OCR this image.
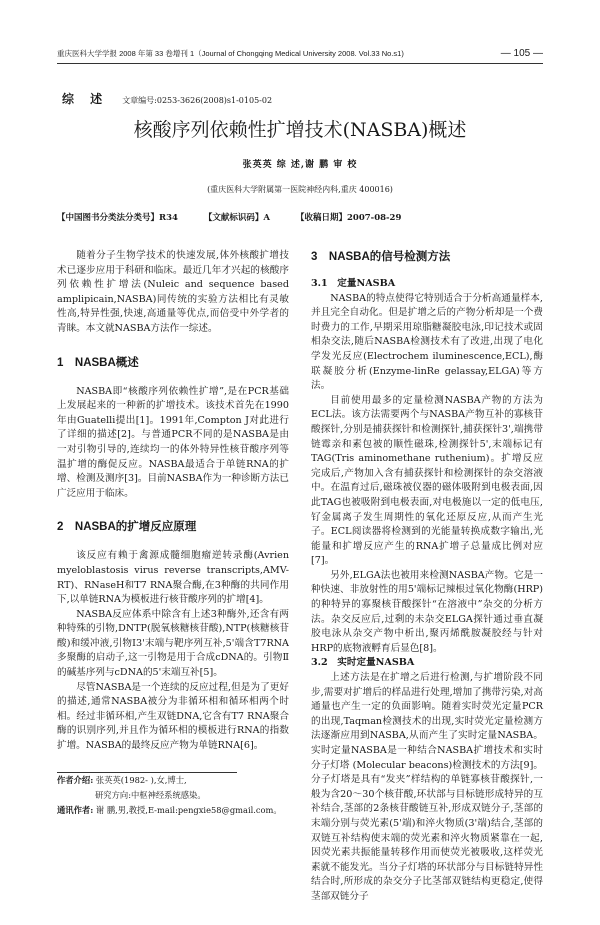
重庆医科大学学报 2008 年第 33 卷增刊 1（Journal of Chongqing Medical University 2008. Vol.33 No.s1)	— 105 —
综 述 文章编号:0253-3626(2008)s1-0105-02
核酸序列依赖性扩增技术(NASBA)概述
张英英 综 述,谢 鹏 审 校
(重庆医科大学附属第一医院神经内科,重庆 400016)
【中国图书分类法分类号】R34	【文献标识码】A	【收稿日期】2007-08-29

随着分子生物学技术的快速发展,体外核酸扩增技术已逐步应用于科研和临床。最近几年才兴起的核酸序列依赖性扩增法(Nuleic and sequence based amplipicain,NASBA)同传统的实验方法相比有灵敏性高,特异性强,快速,高通量等优点,而倍受中外学者的青睐。本文就NASBA方法作一综述。

1　NASBA概述

NASBA即“核酸序列依赖性扩增”,是在PCR基础上发展起来的一种新的扩增技术。该技术首先在1990年由Guatelli提出[1]。1991年,Compton J对此进行了详细的描述[2]。与普通PCR不同的是NASBA是由一对引物引导的,连续均一的体外特异性核苷酸序列等温扩增的酶促反应。NASBA最适合于单链RNA的扩增、检测及测序[3]。目前NASBA作为一种诊断方法已广泛应用于临床。

2　NASBA的扩增反应原理

该反应有赖于禽源成髓细胞瘤逆转录酶(Avrien myeloblastosis virus reverse transcripts,AMV-RT)、RNaseH和T7 RNA聚合酶,在3种酶的共同作用下,以单链RNA为模板进行核苷酸序列的扩增[4]。

NASBA反应体系中除含有上述3种酶外,还含有两种特殊的引物,DNTP(脱氧核糖核苷酸),NTP(核糖核苷酸)和缓冲液,引物Ⅰ3'末端与靶序列互补,5'端含T7RNA多聚酶的启动子,这一引物是用于合成cDNA的。引物Ⅱ的碱基序列与cDNA的5'末端互补[5]。

尽管NASBA是一个连续的反应过程,但是为了更好的描述,通常NASBA被分为非循环相和循环相两个时相。经过非循环相,产生双链DNA,它含有T7 RNA聚合酶的识别序列,并且作为循环相的模板进行RNA的指数扩增。NASBA的最终反应产物为单链RNA[6]。

作者介绍: 张英英(1982- ),女,博士,
研究方向:中枢神经系统感染。
通讯作者: 谢 鹏,男,教授,E-mail:pengxie58@gmail.com。
3　NASBA的信号检测方法
3.1　定量NASBA

NASBA的特点使得它特别适合于分析高通量样本,并且完全自动化。但是扩增之后的产物分析却是一个费时费力的工作,早期采用琼脂糖凝胶电泳,印记技术或固相杂交法,随后NASBA检测技术有了改进,出现了电化学发光反应(Electrochem iluminescence,ECL),酶联凝胶分析(Enzyme-linRe gelassay,ELGA)等方法。

目前使用最多的定量检测NASBA产物的方法为ECL法。该方法需要两个与NASBA产物互补的寡核苷酸探针,分别是捕获探针和检测探针,捕获探针3',端携带链霉亲和素包被的顺性磁珠,检测探针5',末端标记有TAG(Tris aminomethane ruthenium)。扩增反应完成后,产物加入含有捕获探针和检测探针的杂交溶液中。在温育过后,磁珠被仪器的磁体吸附到电极表面,因此TAG也被吸附到电极表面,对电极施以一定的低电压,钌金属离子发生周期性的氧化还原反应,从而产生光子。ECL阅读器将检测到的光能量转换成数字输出,光能量和扩增反应产生的RNA扩增子总量成比例对应[7]。

另外,ELGA法也被用来检测NASBA产物。它是一种快速、非放射性的用5'端标记辣根过氧化物酶(HRP)的种特异的寡聚核苷酸探针“在溶液中”杂交的分析方法。杂交反应后,过剩的未杂交ELGA探针通过垂直凝胶电泳从杂交产物中析出,聚丙烯酰胺凝胶经与针对HRP的底物液孵育后显色[8]。

3.2　实时定量NASBA

上述方法是在扩增之后进行检测,与扩增阶段不同步,需要对扩增后的样品进行处理,增加了携带污染,对高通量也产生一定的负面影响。随着实时荧光定量PCR的出现,Taqman检测技术的出现,实时荧光定量检测方法逐渐应用到NASBA,从而产生了实时定量NASBA。实时定量NASBA是一种结合NASBA扩增技术和实时分子灯塔 (Molecular beacons)检测技术的方法[9]。分子灯塔是具有“发夹”样结构的单链寡核苷酸探针,一般为含20～30个核苷酸,环状部与目标链形成特异的互补结合,茎部的2条核苷酸链互补,形成双链分子,茎部的末端分别与荧光素(5'端)和淬火物质(3'端)结合,茎部的双链互补结构使末端的荧光素和淬火物质紧靠在一起,因荧光素共振能量转移作用而使荧光被吸收,这样荧光素就不能发光。当分子灯塔的环状部分与目标链特异性结合时,所形成的杂交分子比茎部双链结构更稳定,使得茎部双链分子
